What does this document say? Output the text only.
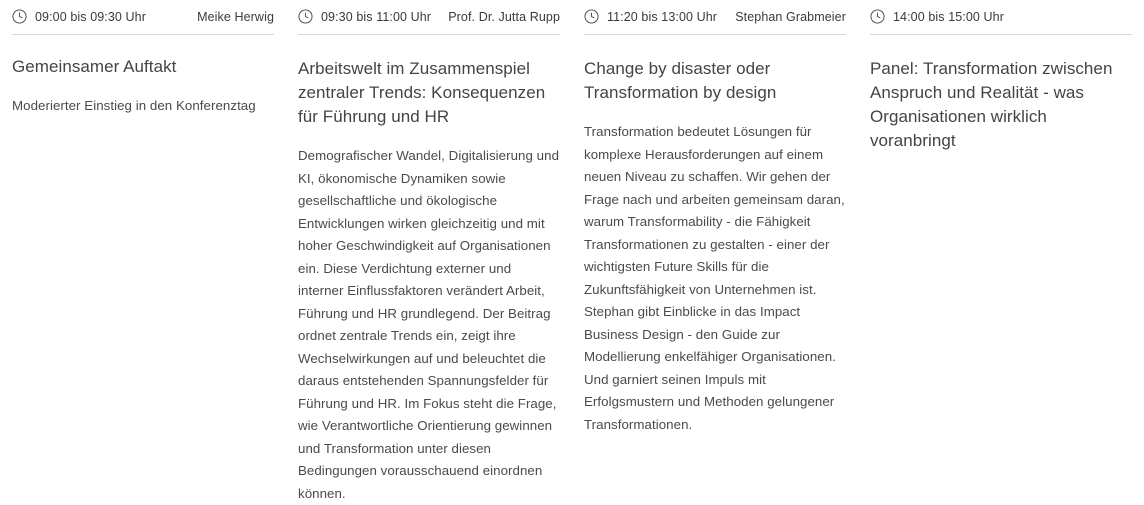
09:00 bis 09:30 Uhr	Meike Herwig
Gemeinsamer Auftakt

Moderierter Einstieg in den Konferenztag

09:30 bis 11:00 Uhr Prof. Dr. Jutta Rupp
Arbeitswelt im Zusammenspiel zentraler Trends: Konsequenzen für Führung und HR

Demografischer Wandel, Digitalisierung und KI, ökonomische Dynamiken sowie gesellschaftliche und ökologische Entwicklungen wirken gleichzeitig und mit hoher Geschwindigkeit auf Organisationen ein. Diese Verdichtung externer und interner Einflussfaktoren verändert Arbeit, Führung und HR grundlegend. Der Beitrag ordnet zentrale Trends ein, zeigt ihre Wechselwirkungen auf und beleuchtet die daraus entstehenden Spannungsfelder für Führung und HR. Im Fokus steht die Frage, wie Verantwortliche Orientierung gewinnen und Transformation unter diesen Bedingungen vorausschauend einordnen können.

11:20 bis 13:00 Uhr Stephan Grabmeier
Change by disaster oder Transformation by design

Transformation bedeutet Lösungen für komplexe Herausforderungen auf einem neuen Niveau zu schaffen. Wir gehen der Frage nach und arbeiten gemeinsam daran, warum Transformability - die Fähigkeit Transformationen zu gestalten - einer der wichtigsten Future Skills für die Zukunftsfähigkeit von Unternehmen ist. Stephan gibt Einblicke in das Impact Business Design - den Guide zur Modellierung enkelfähiger Organisationen. Und garniert seinen Impuls mit Erfolgsmustern und Methoden gelungener Transformationen.

14:00 bis 15:00 Uhr
Panel: Transformation zwischen Anspruch und Realität - was Organisationen wirklich voranbringt
